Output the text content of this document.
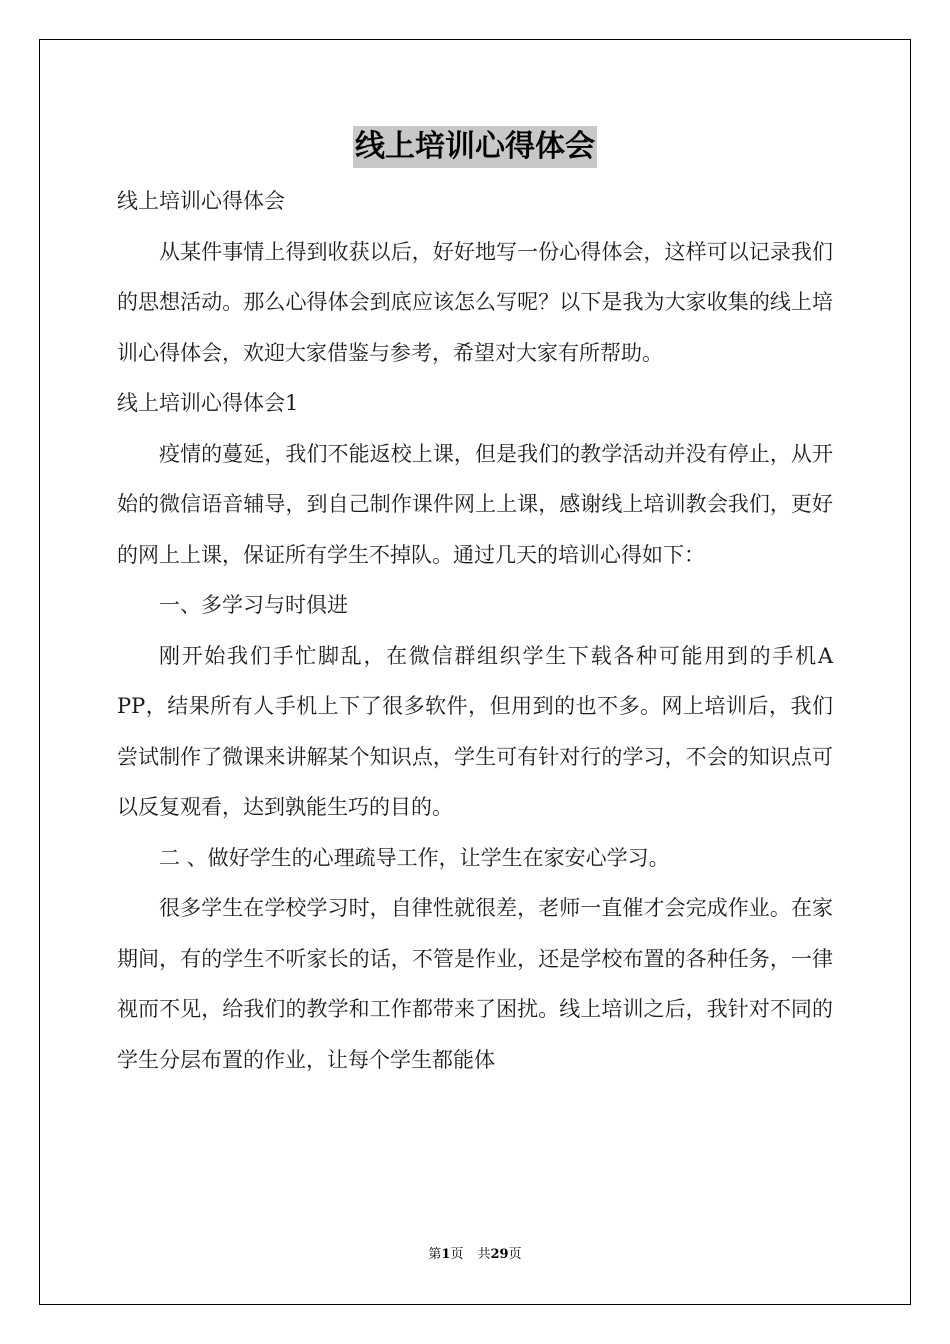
线上培训心得体会

线上培训心得体会

从某件事情上得到收获以后，好好地写一份心得体会，这样可以记录我们的思想活动。那么心得体会到底应该怎么写呢？以下是我为大家收集的线上培训心得体会，欢迎大家借鉴与参考，希望对大家有所帮助。

线上培训心得体会1

疫情的蔓延，我们不能返校上课，但是我们的教学活动并没有停止，从开始的微信语音辅导，到自己制作课件网上上课，感谢线上培训教会我们，更好的网上上课，保证所有学生不掉队。通过几天的培训心得如下：

一、多学习与时俱进

刚开始我们手忙脚乱，在微信群组织学生下载各种可能用到的手机A PP，结果所有人手机上下了很多软件，但用到的也不多。网上培训后，我们尝试制作了微课来讲解某个知识点，学生可有针对行的学习，不会的知识点可以反复观看，达到孰能生巧的目的。

二 、做好学生的心理疏导工作，让学生在家安心学习。

很多学生在学校学习时，自律性就很差，老师一直催才会完成作业。在家期间，有的学生不听家长的话，不管是作业，还是学校布置的各种任务，一律视而不见，给我们的教学和工作都带来了困扰。线上培训之后，我针对不同的学生分层布置的作业，让每个学生都能体

第1页 共29页
